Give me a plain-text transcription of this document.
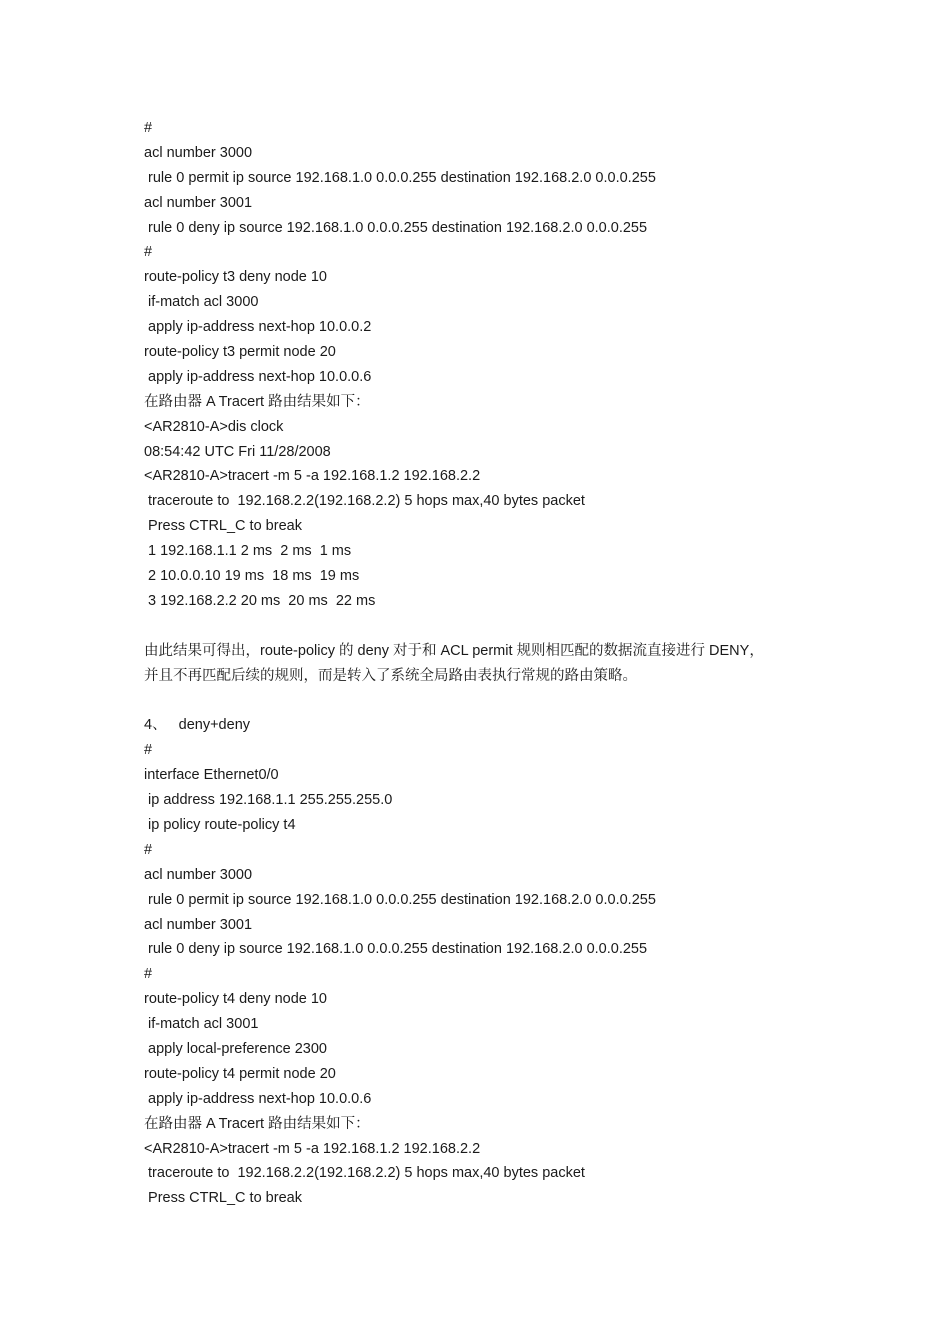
#
acl number 3000
rule 0 permit ip source 192.168.1.0 0.0.0.255 destination 192.168.2.0 0.0.0.255
acl number 3001
rule 0 deny ip source 192.168.1.0 0.0.0.255 destination 192.168.2.0 0.0.0.255
#
route-policy t3 deny node 10
if-match acl 3000
apply ip-address next-hop 10.0.0.2
route-policy t3 permit node 20
apply ip-address next-hop 10.0.0.6
在路由器 A Tracert 路由结果如下：
<AR2810-A>dis clock
08:54:42 UTC Fri 11/28/2008
<AR2810-A>tracert -m 5 -a 192.168.1.2 192.168.2.2
traceroute to  192.168.2.2(192.168.2.2) 5 hops max,40 bytes packet
Press CTRL_C to break
1 192.168.1.1 2 ms  2 ms  1 ms
2 10.0.0.10 19 ms  18 ms  19 ms
3 192.168.2.2 20 ms  20 ms  22 ms
由此结果可得出，route-policy 的 deny 对于和 ACL permit 规则相匹配的数据流直接进行 DENY，
并且不再匹配后续的规则，而是转入了系统全局路由表执行常规的路由策略。
4、   deny+deny
#
interface Ethernet0/0
ip address 192.168.1.1 255.255.255.0
ip policy route-policy t4
#
acl number 3000
rule 0 permit ip source 192.168.1.0 0.0.0.255 destination 192.168.2.0 0.0.0.255
acl number 3001
rule 0 deny ip source 192.168.1.0 0.0.0.255 destination 192.168.2.0 0.0.0.255
#
route-policy t4 deny node 10
if-match acl 3001
apply local-preference 2300
route-policy t4 permit node 20
apply ip-address next-hop 10.0.0.6
在路由器 A Tracert 路由结果如下：
<AR2810-A>tracert -m 5 -a 192.168.1.2 192.168.2.2
traceroute to  192.168.2.2(192.168.2.2) 5 hops max,40 bytes packet
Press CTRL_C to break
